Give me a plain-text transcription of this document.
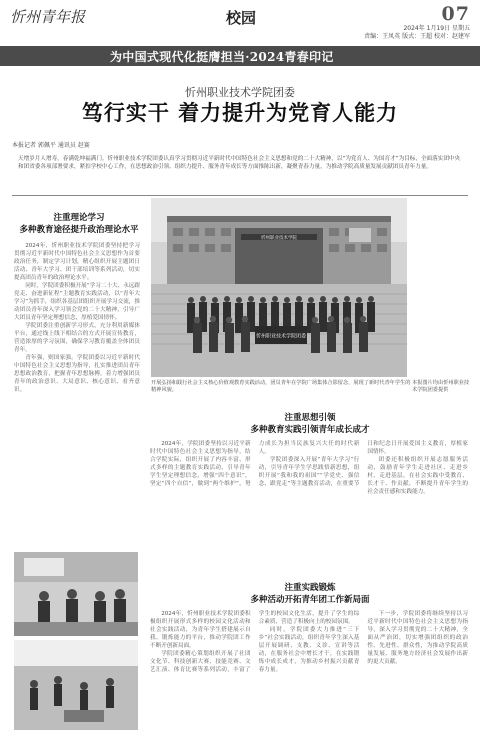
忻州青年报	校园	07
2024年 1月19日 星期五
责编：王凤英 版式：王超 校对：赵建军
为中国式现代化挺膺担当·2024青春印记
忻州职业技术学院团委
笃行实干 着力提升为党育人能力
本报记者 郭佩平 通讯员 赵赛
天增岁月人增寿，春满乾坤福满门。忻州职业技术学院团委认真学习贯彻习近平新时代中国特色社会主义思想和党的二十大精神，以“为党育人、为国育才”为目标，全面落实团中央和团省委各项部署要求，紧扣学校中心工作，在思想政治引领、组织力提升、服务青年成长等方面推陈出新，凝聚青春力量，为推动学院高质量发展贡献团员青年力量。
注重理论学习
多种教育途径提升政治理论水平

2024年，忻州职业技术学院团委坚持把学习贯彻习近平新时代中国特色社会主义思想作为首要政治任务，制定学习计划，精心组织开展主题团日活动、青年大学习、团干部培训等系列活动，切实提高团员青年的政治理论水平。

同时，学院团委积极开展“学习二十大、永远跟党走、奋进新征程”主题教育实践活动，以“青年大学习”为抓手，组织各基层团组织开展学习交流，推动团员青年深入学习领会党的二十大精神，引导广大团员青年坚定理想信念，厚植爱国情怀。

学院团委注重创新学习形式，充分利用新媒体平台，通过线上线下相结合的方式开展宣传教育，营造浓厚的学习氛围，确保学习教育覆盖全体团员青年。

青年强，则国家强。学院团委以习近平新时代中国特色社会主义思想为指导，扎实推进团员青年思想政治教育，把握青年思想脉搏，着力增强团员青年的政治意识、大局意识、核心意识、看齐意识。

忻州职业技术学院
忻州职业技术学院团委
开展弘扬和践行社会主义核心价值观教育实践活动，团员青年在学院广场集体合影留念，展现了新时代青年学生的精神风貌。
本报图片均由忻州职业技术学院团委提供
注重思想引领
多种教育实践引领青年成长成才

2024年，学院团委坚持以习近平新时代中国特色社会主义思想为指导，结合学院实际，组织开展了内容丰富、形式多样的主题教育实践活动，引导青年学生坚定理想信念，增强“四个意识”，坚定“四个自信”，做到“两个维护”，努力成长为担当民族复兴大任的时代新人。

学院团委深入开展“青年大学习”行动，引导青年学生学思践悟新思想，组织开展“我和我的祖国”“学党史、强信念、跟党走”等主题教育活动，在重要节日和纪念日开展爱国主义教育，厚植家国情怀。

团委还积极组织开展志愿服务活动，鼓励青年学生走进社区、走进乡村、走进基层，在社会实践中受教育、长才干、作贡献，不断提升青年学生的社会责任感和实践能力。

注重实践锻炼
多种活动开拓青年团工作新局面

2024年，忻州职业技术学院团委积极组织开展形式多样的校园文化活动和社会实践活动，为青年学生搭建展示自我、锻炼能力的平台，推动学院团工作不断开创新局面。

学院团委精心策划组织开展了社团文化节、科技创新大赛、技能竞赛、文艺汇演、体育比赛等系列活动，丰富了学生的校园文化生活，提升了学生的综合素质，营造了积极向上的校园氛围。

同时，学院团委大力推进“三下乡”社会实践活动，组织青年学生深入基层开展调研、支教、义诊、宣讲等活动，在服务社会中增长才干，在实践锻炼中成长成才，为推动乡村振兴贡献青春力量。

下一步，学院团委将继续坚持以习近平新时代中国特色社会主义思想为指导，深入学习贯彻党的二十大精神，全面从严治团，切实增强团组织的政治性、先进性、群众性，为推动学院高质量发展、服务地方经济社会发展作出新的更大贡献。
